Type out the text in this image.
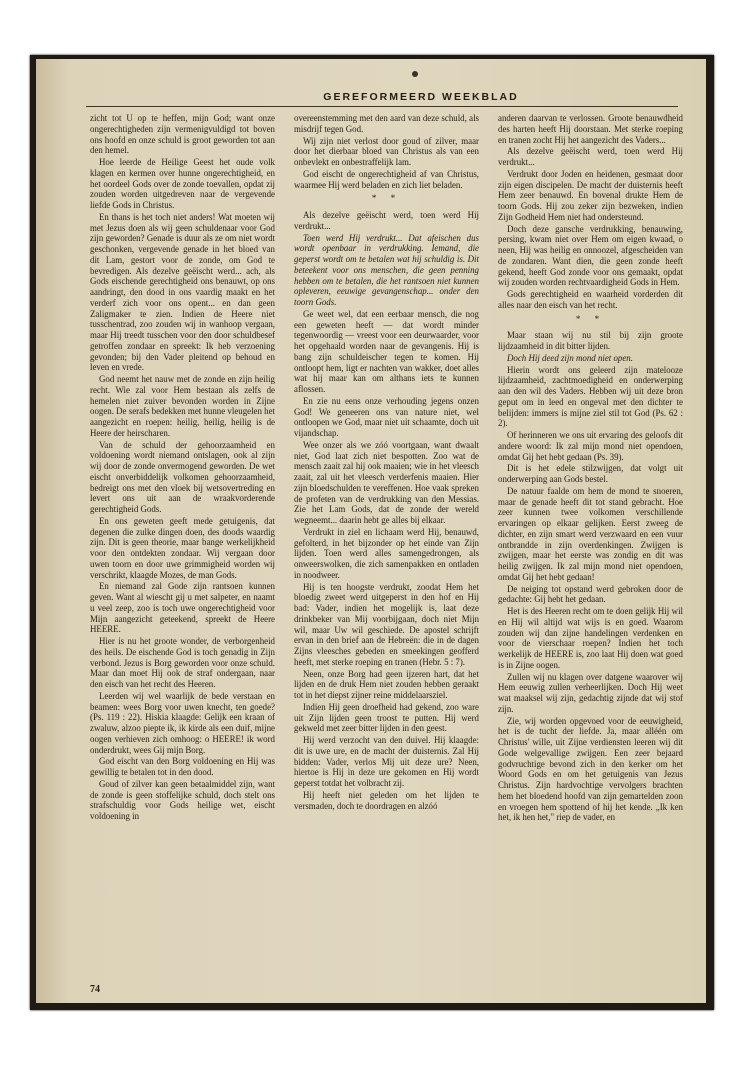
GEREFORMEERD WEEKBLAD

zicht tot U op te heffen, mijn God; want onze ongerechtigheden zijn vermenigvuldigd tot boven ons hoofd en onze schuld is groot geworden tot aan den hemel.

Hoe leerde de Heilige Geest het oude volk klagen en kermen over hunne ongerechtigheid, en het oordeel Gods over de zonde toevallen, opdat zij zouden worden uitgedreven naar de vergevende liefde Gods in Christus.

En thans is het toch niet anders! Wat moeten wij met Jezus doen als wij geen schuldenaar voor God zijn geworden? Genade is duur als ze om niet wordt geschonken, vergevende genade in het bloed van dit Lam, gestort voor de zonde, om God te bevredigen. Als dezelve geëischt werd... ach, als Gods eischende gerechtigheid ons benauwt, op ons aandringt, den dood in ons vaardig maakt en het verderf zich voor ons opent... en dan geen Zaligmaker te zien. Indien de Heere niet tusschentrad, zoo zouden wij in wanhoop vergaan, maar Hij treedt tusschen voor den door schuldbesef getroffen zondaar en spreekt: Ik heb verzoening gevonden; bij den Vader pleitend op behoud en leven en vrede.

God neemt het nauw met de zonde en zijn heilig recht. Wie zal voor Hem bestaan als zelfs de hemelen niet zuiver bevonden worden in Zijne oogen. De serafs bedekken met hunne vleugelen het aangezicht en roepen: heilig, heilig, heilig is de Heere der heirscharen.

Van de schuld der gehoorzaamheid en voldoening wordt niemand ontslagen, ook al zijn wij door de zonde onvermogend geworden. De wet eischt onverbiddelijk volkomen gehoorzaamheid, bedreigt ons met den vloek bij wetsovertreding en levert ons uit aan de wraakvorderende gerechtigheid Gods.

En ons geweten geeft mede getuigenis, dat degenen die zulke dingen doen, des doods waardig zijn. Dit is geen theorie, maar bange werkelijkheid voor den ontdekten zondaar. Wij vergaan door uwen toorn en door uwe grimmigheid worden wij verschrikt, klaagde Mozes, de man Gods.

En niemand zal Gode zijn rantsoen kunnen geven. Want al wiescht gij u met salpeter, en naamt u veel zeep, zoo is toch uwe ongerechtigheid voor Mijn aangezicht geteekend, spreekt de Heere HEERE.

Hier is nu het groote wonder, de verborgenheid des heils. De eischende God is toch genadig in Zijn verbond. Jezus is Borg geworden voor onze schuld. Maar dan moet Hij ook de straf ondergaan, naar den eisch van het recht des Heeren.

Leerden wij wel waarlijk de bede verstaan en beamen: wees Borg voor uwen knecht, ten goede? (Ps. 119 : 22). Hiskia klaagde: Gelijk een kraan of zwaluw, alzoo piepte ik, ik kirde als een duif, mijne oogen verhieven zich omhoog: o HEERE! ik word onderdrukt, wees Gij mijn Borg.

God eischt van den Borg voldoening en Hij was gewillig te betalen tot in den dood.

Goud of zilver kan geen betaalmiddel zijn, want de zonde is geen stoffelijke schuld, doch stelt ons strafschuldig voor Gods heilige wet, eischt voldoening in

overeenstemming met den aard van deze schuld, als misdrijf tegen God.

Wij zijn niet verlost door goud of zilver, maar door het dierbaar bloed van Christus als van een onbevlekt en onbestraffelijk lam.

God eischt de ongerechtigheid af van Christus, waarmee Hij werd beladen en zich liet beladen.

* *

Als dezelve geëischt werd, toen werd Hij verdrukt...

Toen werd Hij verdrukt... Dat afeischen dus wordt openbaar in verdrukking. Iemand, die geperst wordt om te betalen wat hij schuldig is. Dit beteekent voor ons menschen, die geen penning hebben om te betalen, die het rantsoen niet kunnen opleveren, eeuwige gevangenschap... onder den toorn Gods.

Ge weet wel, dat een eerbaar mensch, die nog een geweten heeft — dat wordt minder tegenwoordig — vreest voor een deurwaarder, voor het opgehaald worden naar de gevangenis. Hij is bang zijn schuldeischer tegen te komen. Hij ontloopt hem, ligt er nachten van wakker, doet alles wat hij maar kan om althans iets te kunnen aflossen.

En zie nu eens onze verhouding jegens onzen God! We geneeren ons van nature niet, wel ontloopen we God, maar niet uit schaamte, doch uit vijandschap.

Wee onzer als we zóó voortgaan, want dwaalt niet, God laat zich niet bespotten. Zoo wat de mensch zaait zal hij ook maaien; wie in het vleesch zaait, zal uit het vleesch verderfenis maaien. Hier zijn bloedschulden te vereffenen. Hoe vaak spreken de profeten van de verdrukking van den Messias. Zie het Lam Gods, dat de zonde der wereld wegneemt... daarin hebt ge alles bij elkaar.

Verdrukt in ziel en lichaam werd Hij, benauwd, gefolterd, in het bijzonder op het einde van Zijn lijden. Toen werd alles samengedrongen, als onweerswolken, die zich samenpakken en ontladen in noodweer.

Hij is ten hoogste verdrukt, zoodat Hem het bloedig zweet werd uitgeperst in den hof en Hij bad: Vader, indien het mogelijk is, laat deze drinkbeker van Mij voorbijgaan, doch niet Mijn wil, maar Uw wil geschiede. De apostel schrijft ervan in den brief aan de Hebreën: die in de dagen Zijns vleesches gebeden en smeekingen geofferd heeft, met sterke roeping en tranen (Hebr. 5 : 7).

Neen, onze Borg had geen ijzeren hart, dat het lijden en de druk Hem niet zouden hebben geraakt tot in het diepst zijner reine middelaarsziel.

Indien Hij geen droefheid had gekend, zoo ware uit Zijn lijden geen troost te putten. Hij werd gekweld met zeer bitter lijden in den geest.

Hij werd verzocht van den duivel. Hij klaagde: dit is uwe ure, en de macht der duisternis. Zal Hij bidden: Vader, verlos Mij uit deze ure? Neen, hiertoe is Hij in deze ure gekomen en Hij wordt geperst totdat het volbracht zij.

Hij heeft niet geleden om het lijden te versmaden, doch te doordragen en alzóó

anderen daarvan te verlossen. Groote benauwdheid des harten heeft Hij doorstaan. Met sterke roeping en tranen zocht Hij het aangezicht des Vaders...

Als dezelve geëischt werd, toen werd Hij verdrukt...

Verdrukt door Joden en heidenen, gesmaat door zijn eigen discipelen. De macht der duisternis heeft Hem zeer benauwd. En bovenal drukte Hem de toorn Gods. Hij zou zeker zijn bezweken, indien Zijn Godheid Hem niet had ondersteund.

Doch deze gansche verdrukking, benauwing, persing, kwam niet over Hem om eigen kwaad, o neen, Hij was heilig en onnoozel, afgescheiden van de zondaren. Want dien, die geen zonde heeft gekend, heeft God zonde voor ons gemaakt, opdat wij zouden worden rechtvaardigheid Gods in Hem.

Gods gerechtigheid en waarheid vorderden dit alles naar den eisch van het recht.

* *

Maar staan wij nu stil bij zijn groote lijdzaamheid in dit bitter lijden.

Doch Hij deed zijn mond niet open.

Hierin wordt ons geleerd zijn matelooze lijdzaamheid, zachtmoedigheid en onderwerping aan den wil des Vaders. Hebben wij uit deze bron geput om in leed en ongeval met den dichter te belijden: immers is mijne ziel stil tot God (Ps. 62 : 2).

Of herinneren we ons uit ervaring des geloofs dit andere woord: Ik zal mijn mond niet opendoen, omdat Gij het hebt gedaan (Ps. 39).

Dit is het edele stilzwijgen, dat volgt uit onderwerping aan Gods bestel.

De natuur faalde om hem de mond te snoeren, maar de genade heeft dit tot stand gebracht. Hoe zeer kunnen twee volkomen verschillende ervaringen op elkaar gelijken. Eerst zweeg de dichter, en zijn smart werd verzwaard en een vuur ontbrandde in zijn overdenkingen. Zwijgen is zwijgen, maar het eerste was zondig en dit was heilig zwijgen. Ik zal mijn mond niet opendoen, omdat Gij het hebt gedaan!

De neiging tot opstand werd gebroken door de gedachte: Gij hebt het gedaan.

Het is des Heeren recht om te doen gelijk Hij wil en Hij wil altijd wat wijs is en goed. Waarom zouden wij dan zijne handelingen verdenken en voor de vierschaar roepen? Indien het toch werkelijk de HEERE is, zoo laat Hij doen wat goed is in Zijne oogen.

Zullen wij nu klagen over datgene waarover wij Hem eeuwig zullen verheerlijken. Doch Hij weet wat maaksel wij zijn, gedachtig zijnde dat wij stof zijn.

Zie, wij worden opgevoed voor de eeuwigheid, het is de tucht der liefde. Ja, maar alléén om Christus' wille, uit Zijne verdiensten leeren wij dit Gode welgevallige zwijgen. Een zeer bejaard godvruchtige bevond zich in den kerker om het Woord Gods en om het getuigenis van Jezus Christus. Zijn hardvochtige vervolgers brachten hem het bloedend hoofd van zijn gemartelden zoon en vroegen hem spottend of hij het kende. „Ik ken het, ik hen het," riep de vader, en

74
